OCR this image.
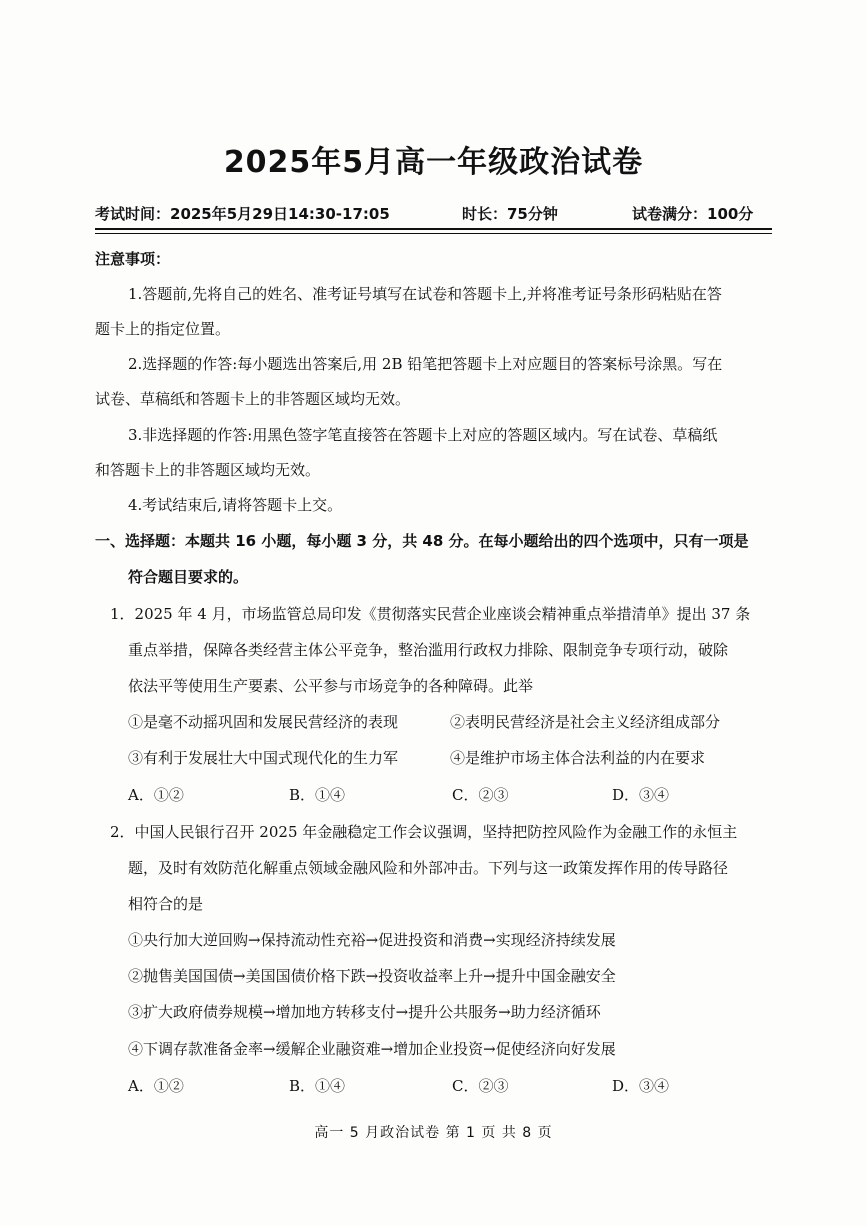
2025年5月高一年级政治试卷
考试时间：2025年5月29日14:30-17:05	时长：75分钟	试卷满分：100分
注意事项：
1.答题前,先将自己的姓名、准考证号填写在试卷和答题卡上,并将准考证号条形码粘贴在答
题卡上的指定位置。
2.选择题的作答:每小题选出答案后,用 2B 铅笔把答题卡上对应题目的答案标号涂黑。写在
试卷、草稿纸和答题卡上的非答题区域均无效。
3.非选择题的作答:用黑色签字笔直接答在答题卡上对应的答题区域内。写在试卷、草稿纸
和答题卡上的非答题区域均无效。
4.考试结束后,请将答题卡上交。
一、选择题：本题共 16 小题，每小题 3 分，共 48 分。在每小题给出的四个选项中，只有一项是
符合题目要求的。
1．2025 年 4 月，市场监管总局印发《贯彻落实民营企业座谈会精神重点举措清单》提出 37 条
重点举措，保障各类经营主体公平竞争，整治滥用行政权力排除、限制竞争专项行动，破除
依法平等使用生产要素、公平参与市场竞争的各种障碍。此举
①是毫不动摇巩固和发展民营经济的表现	②表明民营经济是社会主义经济组成部分
③有利于发展壮大中国式现代化的生力军	④是维护市场主体合法利益的内在要求
A．①②	B．①④	C．②③	D．③④
2．中国人民银行召开 2025 年金融稳定工作会议强调，坚持把防控风险作为金融工作的永恒主
题，及时有效防范化解重点领域金融风险和外部冲击。下列与这一政策发挥作用的传导路径
相符合的是
①央行加大逆回购→保持流动性充裕→促进投资和消费→实现经济持续发展
②抛售美国国债→美国国债价格下跌→投资收益率上升→提升中国金融安全
③扩大政府债券规模→增加地方转移支付→提升公共服务→助力经济循环
④下调存款准备金率→缓解企业融资难→增加企业投资→促使经济向好发展
A．①②	B．①④	C．②③	D．③④
高一 5 月政治试卷 第 1 页 共 8 页
